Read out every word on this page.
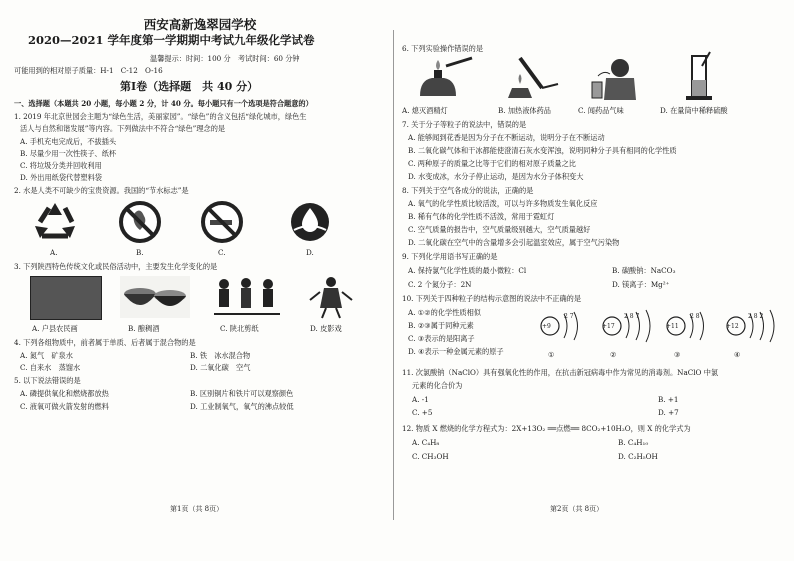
西安高新逸翠园学校
2020—2021 学年度第一学期期中考试九年级化学试卷
温馨提示：时间：100 分　考试时间：60 分钟
可能用到的相对原子质量：H-1　C-12　O-16
第Ⅰ卷（选择题　共 40 分）
一、选择题（本题共 20 小题，每小题 2 分，计 40 分。每小题只有一个选项是符合题意的）
1. 2019 年北京世园会主题为“绿色生活，美丽家园”。“绿色”的含义包括“绿化城市，绿色生
活人与自然和谐发展”等内容。下列做法中不符合“绿色”理念的是
A. 手机充电完成后，不拔插头
B. 尽量少用一次性筷子、纸杯
C. 将垃圾分类并回收利用
D. 外出用纸袋代替塑料袋
2. 水是人类不可缺少的宝贵资源。我国的“节水标志”是
A.	B.	C.	D.
3. 下列陕西特色传统文化或民俗活动中，主要发生化学变化的是
A. 户县农民画	B. 酿稠酒	C. 陕北剪纸	D. 皮影戏
4. 下列各组物质中，前者属于单质、后者属于混合物的是
A. 氮气　矿泉水	B. 铁　冰水混合物
C. 自来水　蒸馏水	D. 二氧化碳　空气
5. 以下说法错误的是
A. 磷提供氧化和燃烧都放热	B. 区别铜片和铁片可以观察颜色
C. 液氧可做火箭发射的燃料	D. 工业制氧气，氧气的沸点较低
第1页（共 8页）
6. 下列实验操作错误的是
A. 熄灭酒精灯	B. 加热液体药品	C. 闻药品气味	D. 在量筒中稀释硫酸
7. 关于分子等粒子的说法中，错误的是
A. 能够闻到花香是因为分子在不断运动，说明分子在不断运动
B. 二氧化碳气体和干冰都能使澄清石灰水变浑浊，说明同种分子具有相同的化学性质
C. 两种原子的质量之比等于它们的相对原子质量之比
D. 水变成冰，水分子停止运动，是因为水分子体积变大
8. 下列关于空气各成分的说法，正确的是
A. 氧气的化学性质比较活泼，可以与许多物质发生氧化反应
B. 稀有气体的化学性质不活泼，常用于霓虹灯
C. 空气质量的报告中，空气质量级别越大，空气质量越好
D. 二氧化碳在空气中的含量增多会引起温室效应，属于空气污染物
9. 下列化学用语书写正确的是
A. 保持氯气化学性质的最小微粒：Cl	B. 碳酸钠：NaCO₃
C. 2 个氮分子：2N	D. 镁离子：Mg²⁺
10. 下列关于四种粒子的结构示意图的说法中不正确的是
A. ①②的化学性质相似
B. ②③属于同种元素
C. ③表示的是阳离子
D. ④表示一种金属元素的原子
+9
2 7
①
+17
2 8 7
②
+11
2 8
③
+12
2 8 2
④
11. 次氯酸钠（NaClO）具有强氧化性的作用，在抗击新冠病毒中作为常见的消毒剂。NaClO 中氯
元素的化合价为
A. -1	B. +1
C. +5	D. +7
12. 物质 X 燃烧的化学方程式为：2X+13O₂ ══点燃══ 8CO₂+10H₂O，则 X 的化学式为
A. C₄H₈	B. C₄H₁₀
C. CH₃OH	D. C₂H₅OH
第2页（共 8页）
